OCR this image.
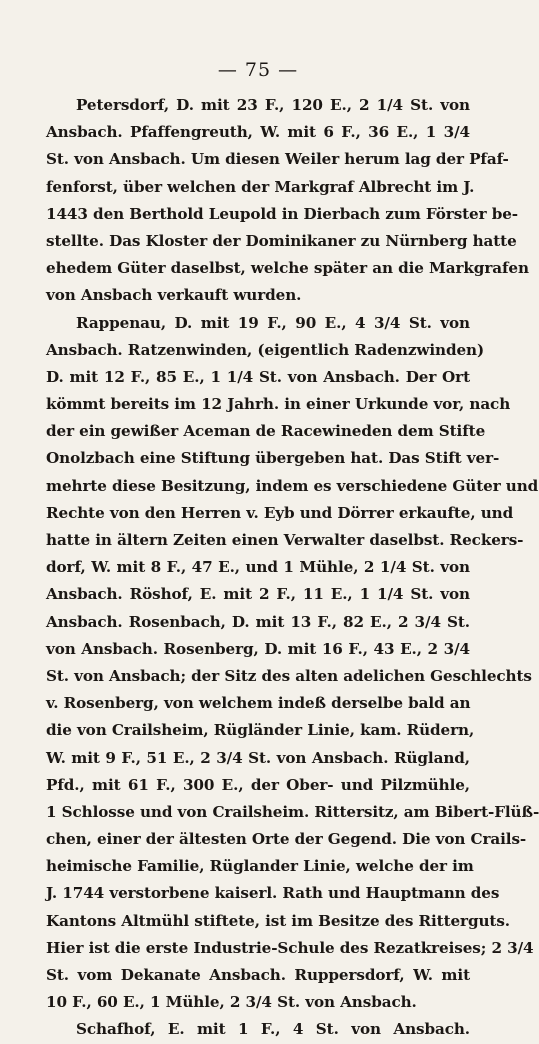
— 75 —
Petersdorf, D. mit 23 F., 120 E., 2 1/4 St. von
Ansbach. Pfaffengreuth, W. mit 6 F., 36 E., 1 3/4
St. von Ansbach. Um diesen Weiler herum lag der Pfaf-
fenforst, über welchen der Markgraf Albrecht im J.
1443 den Berthold Leupold in Dierbach zum Förster be-
stellte. Das Kloster der Dominikaner zu Nürnberg hatte
ehedem Güter daselbst, welche später an die Markgrafen
von Ansbach verkauft wurden.
Rappenau, D. mit 19 F., 90 E., 4 3/4 St. von
Ansbach. Ratzenwinden, (eigentlich Radenzwinden)
D. mit 12 F., 85 E., 1 1/4 St. von Ansbach. Der Ort
kömmt bereits im 12 Jahrh. in einer Urkunde vor, nach
der ein gewißer Aceman de Racewineden dem Stifte
Onolzbach eine Stiftung übergeben hat. Das Stift ver-
mehrte diese Besitzung, indem es verschiedene Güter und
Rechte von den Herren v. Eyb und Dörrer erkaufte, und
hatte in ältern Zeiten einen Verwalter daselbst. Reckers-
dorf, W. mit 8 F., 47 E., und 1 Mühle, 2 1/4 St. von
Ansbach. Röshof, E. mit 2 F., 11 E., 1 1/4 St. von
Ansbach. Rosenbach, D. mit 13 F., 82 E., 2 3/4 St.
von Ansbach. Rosenberg, D. mit 16 F., 43 E., 2 3/4
St. von Ansbach; der Sitz des alten adelichen Geschlechts
v. Rosenberg, von welchem indeß derselbe bald an
die von Crailsheim, Rügländer Linie, kam. Rüdern,
W. mit 9 F., 51 E., 2 3/4 St. von Ansbach. Rügland,
Pfd., mit 61 F., 300 E., der Ober- und Pilzmühle,
1 Schlosse und von Crailsheim. Rittersitz, am Bibert-Flüß-
chen, einer der ältesten Orte der Gegend. Die von Crails-
heimische Familie, Rüglander Linie, welche der im
J. 1744 verstorbene kaiserl. Rath und Hauptmann des
Kantons Altmühl stiftete, ist im Besitze des Ritterguts.
Hier ist die erste Industrie-Schule des Rezatkreises; 2 3/4
St. vom Dekanate Ansbach. Ruppersdorf, W. mit
10 F., 60 E., 1 Mühle, 2 3/4 St. von Ansbach.
Schafhof, E. mit 1 F., 4 St. von Ansbach.
